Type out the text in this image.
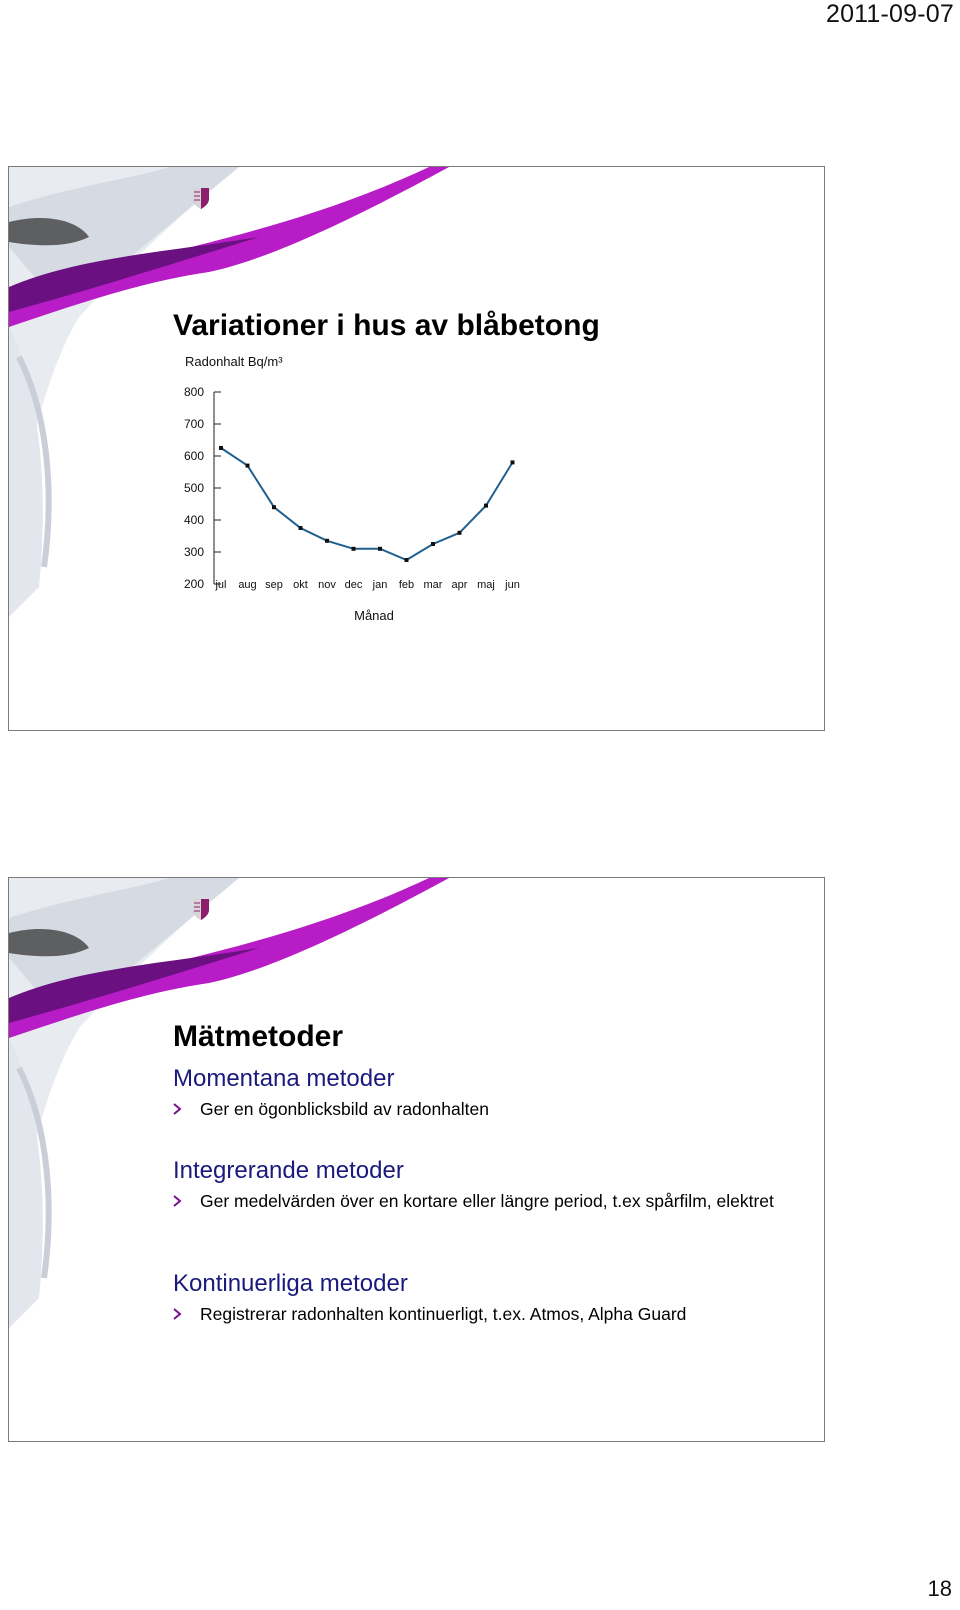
2011-09-07
Variationer i hus av blåbetong
Radonhalt Bq/m³
Månad
800
700
600
500
400
300
200 jul aug sep okt nov dec jan feb mar apr maj jun
Mätmetoder
Momentana metoder
Ger en ögonblicksbild av radonhalten
Integrerande metoder
Ger medelvärden över en kortare eller längre period, t.ex spårfilm, elektret
Kontinuerliga metoder
Registrerar radonhalten kontinuerligt, t.ex. Atmos, Alpha Guard
18
